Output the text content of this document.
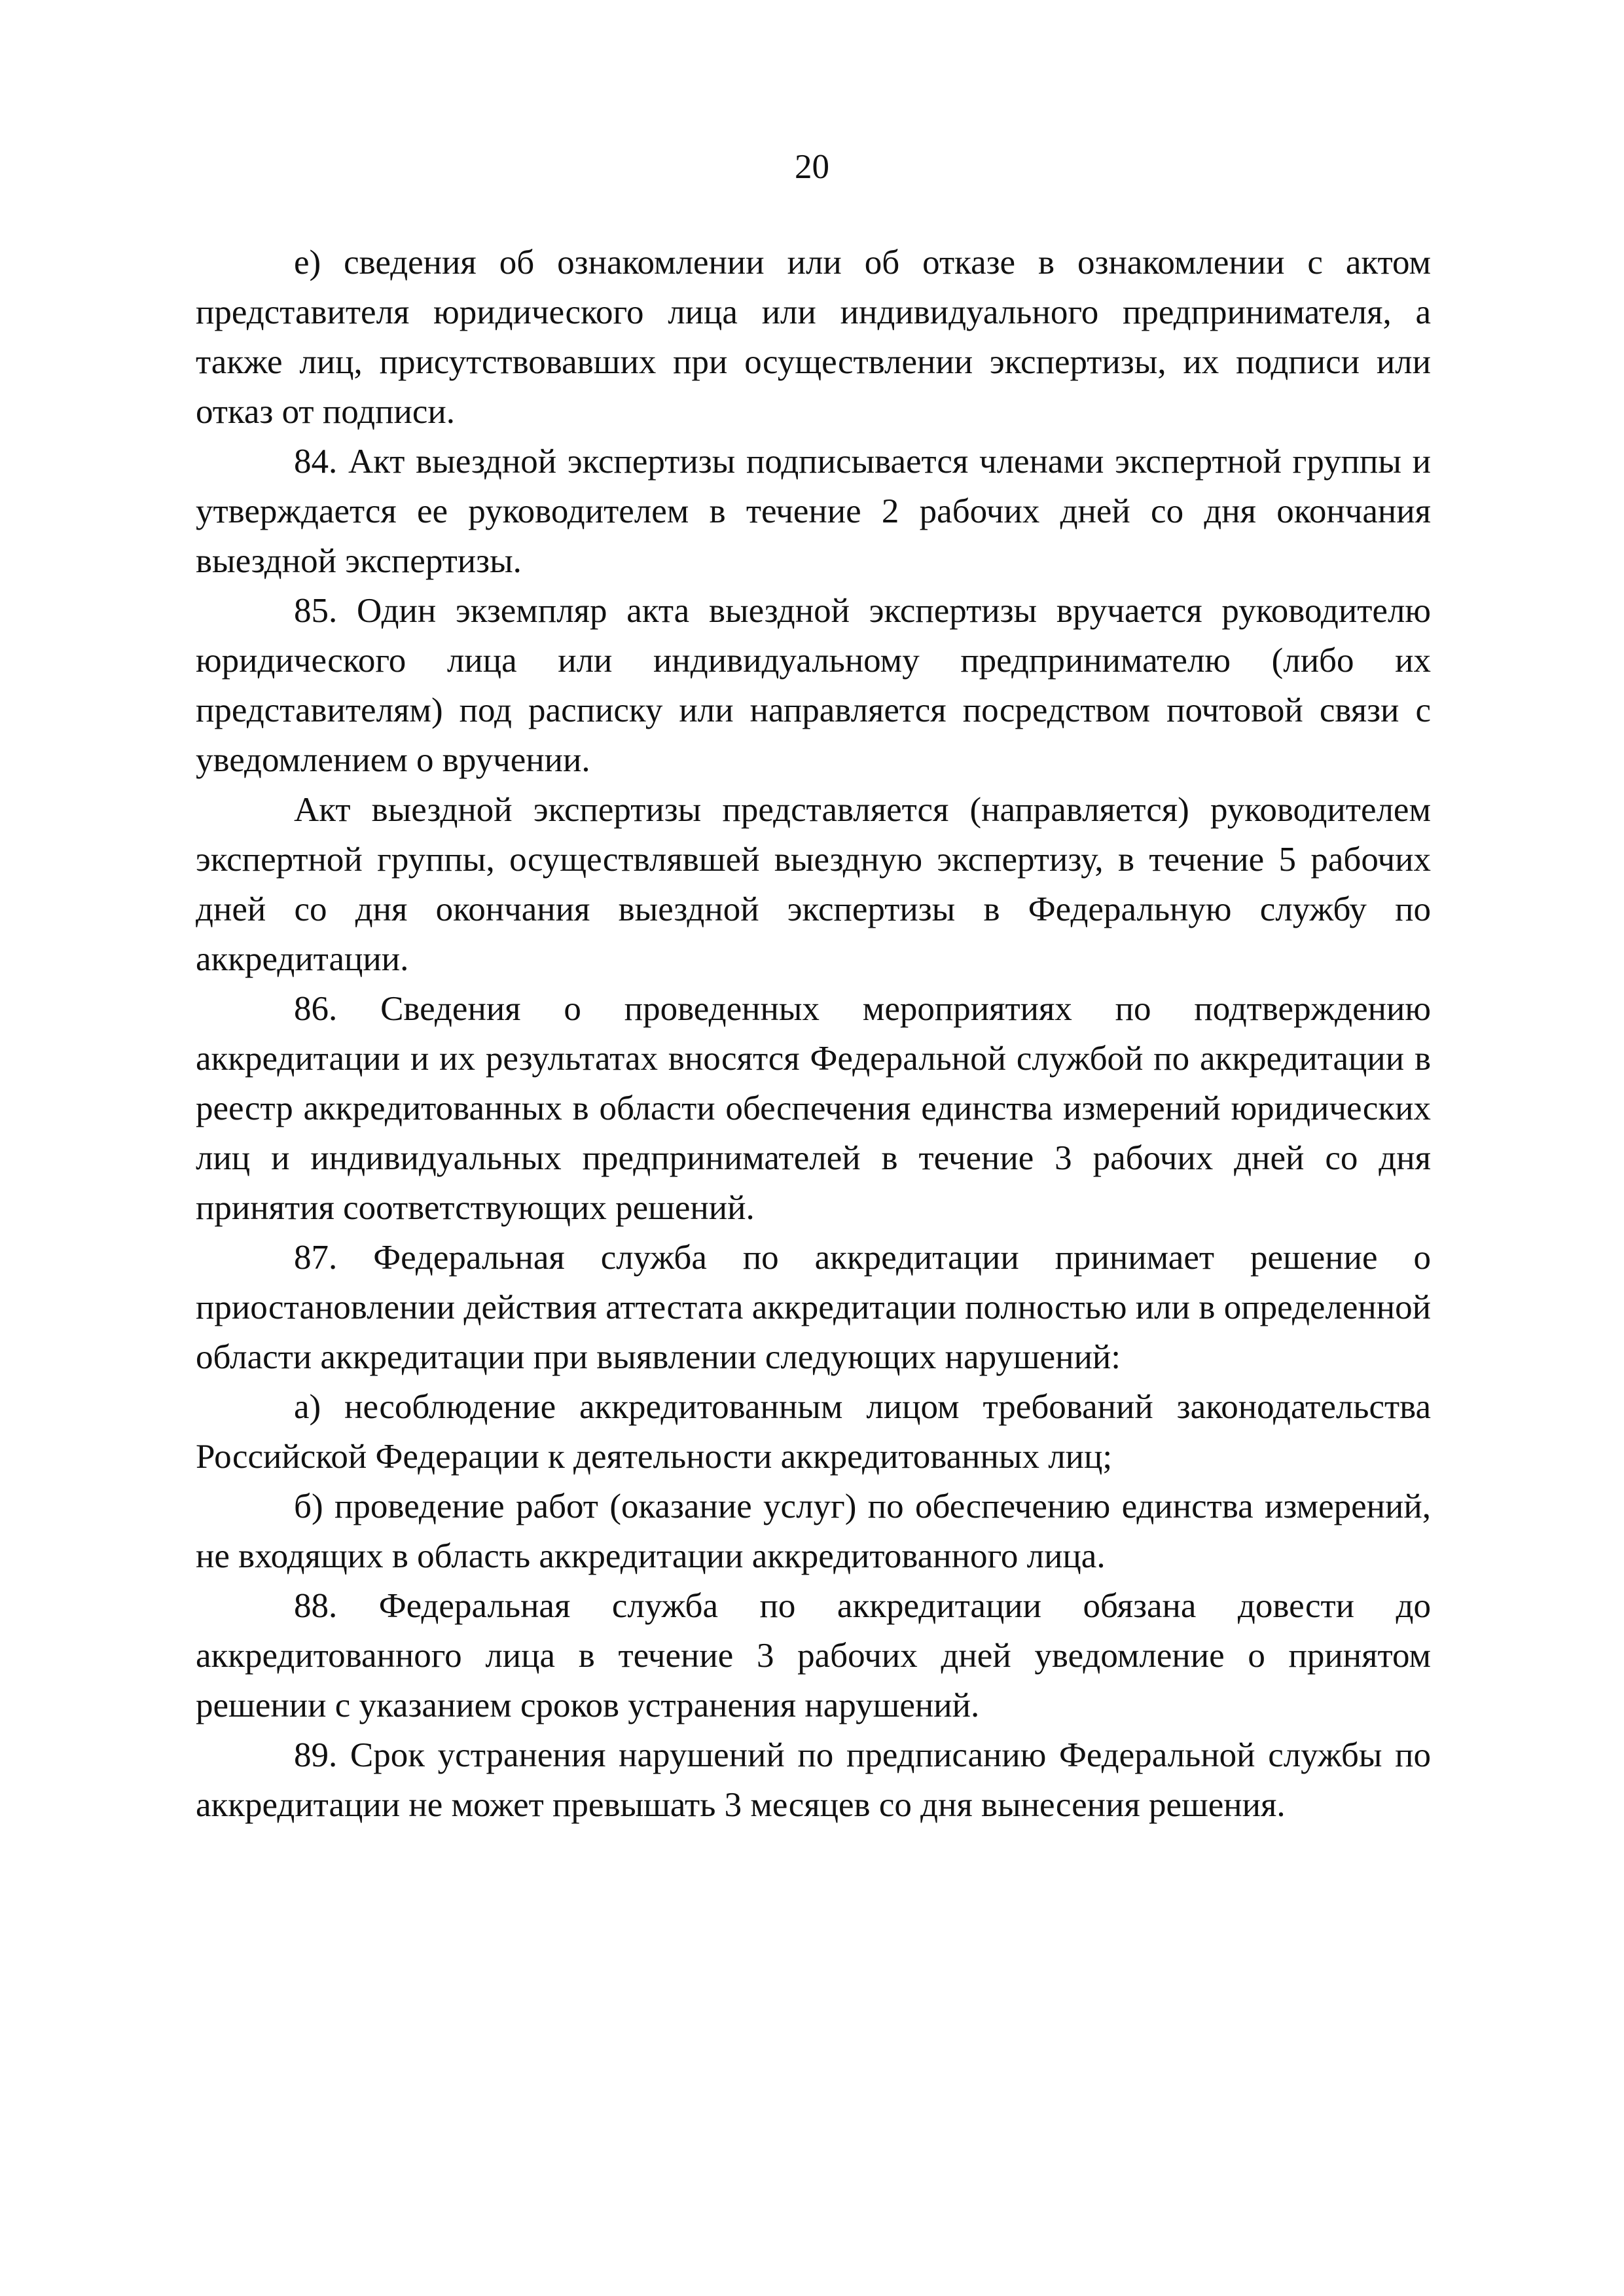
20

е) сведения об ознакомлении или об отказе в ознакомлении с актом представителя юридического лица или индивидуального предпринимателя, а также лиц, присутствовавших при осуществлении экспертизы, их подписи или отказ от подписи.

84. Акт выездной экспертизы подписывается членами экспертной группы и утверждается ее руководителем в течение 2 рабочих дней со дня окончания выездной экспертизы.

85. Один экземпляр акта выездной экспертизы вручается руководителю юридического лица или индивидуальному предпринимателю (либо их представителям) под расписку или направляется посредством почтовой связи с уведомлением о вручении.

Акт выездной экспертизы представляется (направляется) руководителем экспертной группы, осуществлявшей выездную экспертизу, в течение 5 рабочих дней со дня окончания выездной экспертизы в Федеральную службу по аккредитации.

86. Сведения о проведенных мероприятиях по подтверждению аккредитации и их результатах вносятся Федеральной службой по аккредитации в реестр аккредитованных в области обеспечения единства измерений юридических лиц и индивидуальных предпринимателей в течение 3 рабочих дней со дня принятия соответствующих решений.

87. Федеральная служба по аккредитации принимает решение о приостановлении действия аттестата аккредитации полностью или в определенной области аккредитации при выявлении следующих нарушений:

а) несоблюдение аккредитованным лицом требований законодательства Российской Федерации к деятельности аккредитованных лиц;

б) проведение работ (оказание услуг) по обеспечению единства измерений, не входящих в область аккредитации аккредитованного лица.

88. Федеральная служба по аккредитации обязана довести до аккредитованного лица в течение 3 рабочих дней уведомление о принятом решении с указанием сроков устранения нарушений.

89. Срок устранения нарушений по предписанию Федеральной службы по аккредитации не может превышать 3 месяцев со дня вынесения решения.
